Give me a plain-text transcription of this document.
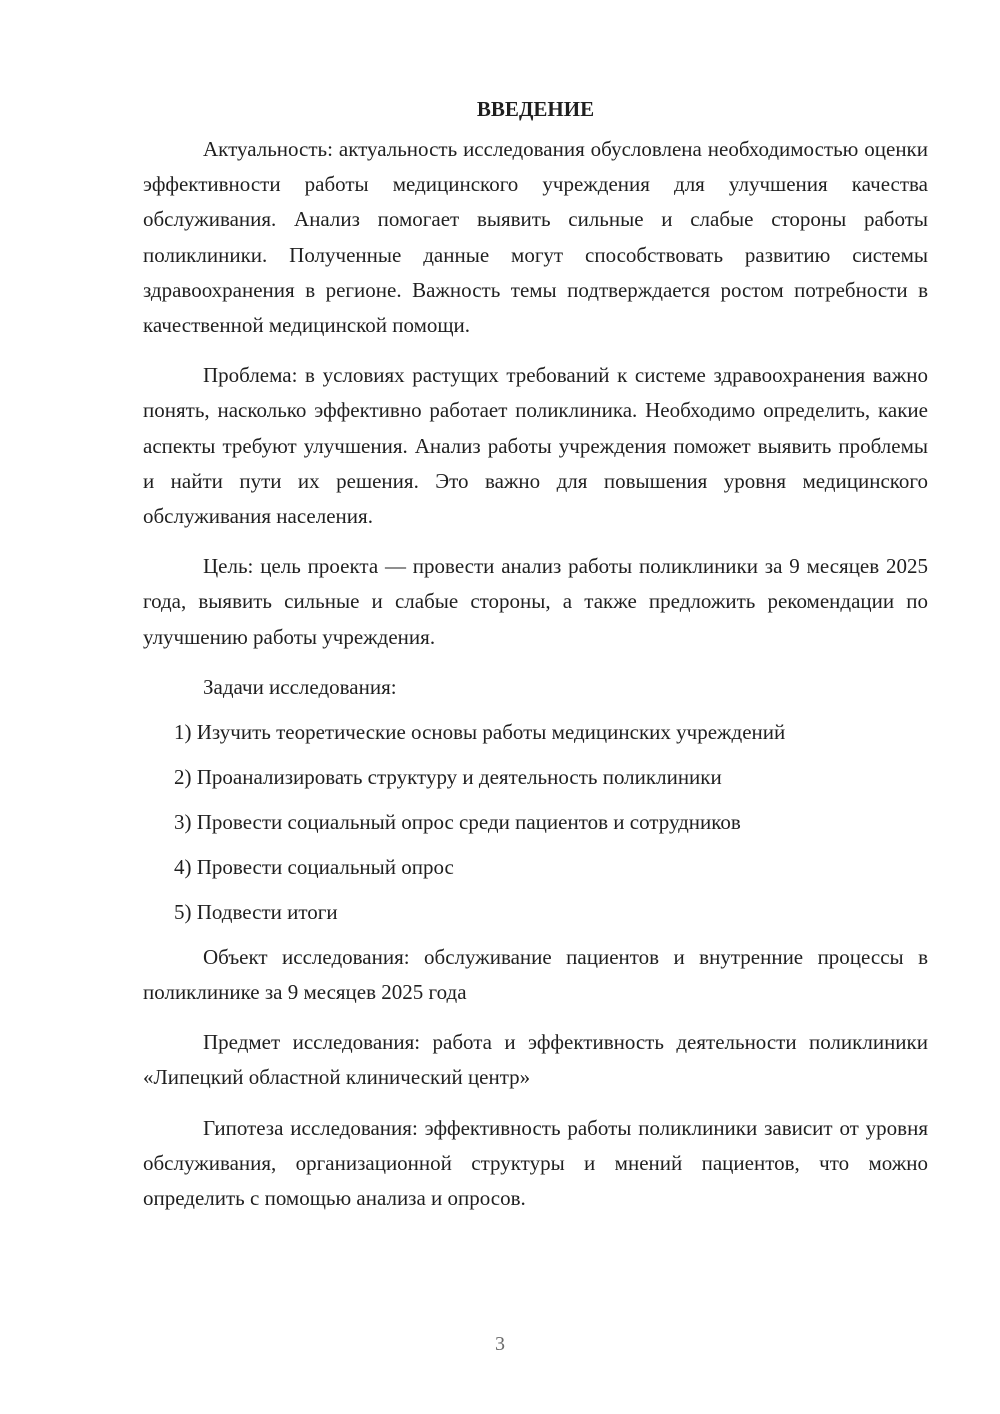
ВВЕДЕНИЕ

Актуальность: актуальность исследования обусловлена необходимостью оценки эффективности работы медицинского учреждения для улучшения качества обслуживания. Анализ помогает выявить сильные и слабые стороны работы поликлиники. Полученные данные могут способствовать развитию системы здравоохранения в регионе. Важность темы подтверждается ростом потребности в качественной медицинской помощи.

Проблема: в условиях растущих требований к системе здравоохранения важно понять, насколько эффективно работает поликлиника. Необходимо определить, какие аспекты требуют улучшения. Анализ работы учреждения поможет выявить проблемы и найти пути их решения. Это важно для повышения уровня медицинского обслуживания населения.

Цель: цель проекта — провести анализ работы поликлиники за 9 месяцев 2025 года, выявить сильные и слабые стороны, а также предложить рекомендации по улучшению работы учреждения.

Задачи исследования:
1) Изучить теоретические основы работы медицинских учреждений
2) Проанализировать структуру и деятельность поликлиники
3) Провести социальный опрос среди пациентов и сотрудников
4) Провести социальный опрос
5) Подвести итоги

Объект исследования: обслуживание пациентов и внутренние процессы в поликлинике за 9 месяцев 2025 года

Предмет исследования: работа и эффективность деятельности поликлиники «Липецкий областной клинический центр»

Гипотеза исследования: эффективность работы поликлиники зависит от уровня обслуживания, организационной структуры и мнений пациентов, что можно определить с помощью анализа и опросов.

3
